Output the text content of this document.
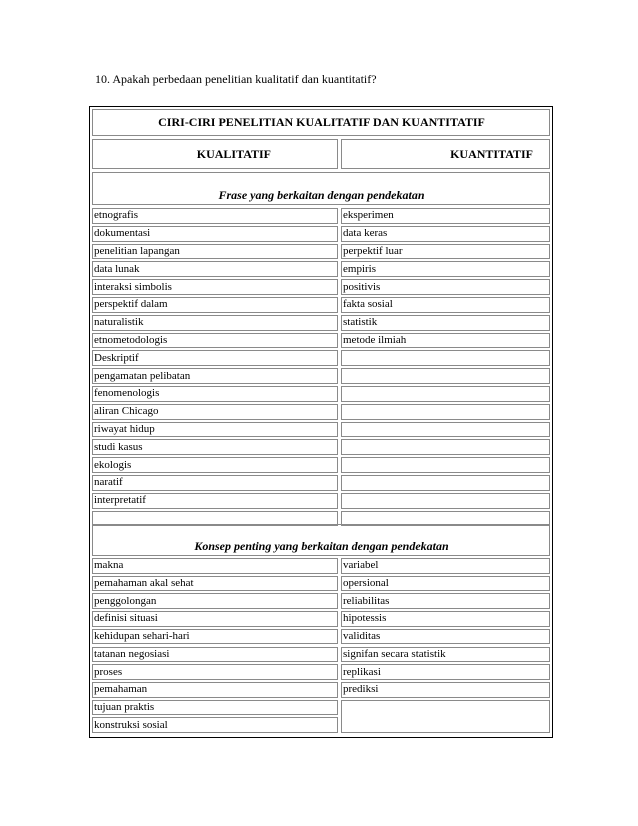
10. Apakah perbedaan penelitian kualitatif dan kuantitatif?
CIRI-CIRI PENELITIAN KUALITATIF DAN KUANTITATIF
KUALITATIF	KUANTITATIF
Frase yang berkaitan dengan pendekatan
etnografis	eksperimen
dokumentasi	data keras
penelitian lapangan	perpektif luar
data lunak	empiris
interaksi simbolis	positivis
perspektif dalam	fakta sosial
naturalistik	statistik
etnometodologis	metode ilmiah
Deskriptif
pengamatan pelibatan
fenomenologis
aliran Chicago
riwayat hidup
studi kasus
ekologis
naratif
interpretatif
Konsep penting yang berkaitan dengan pendekatan
makna	variabel
pemahaman akal sehat	opersional
penggolongan	reliabilitas
definisi situasi	hipotessis
kehidupan sehari-hari	validitas
tatanan negosiasi	signifan secara statistik
proses	replikasi
pemahaman	prediksi
tujuan praktis
konstruksi sosial
